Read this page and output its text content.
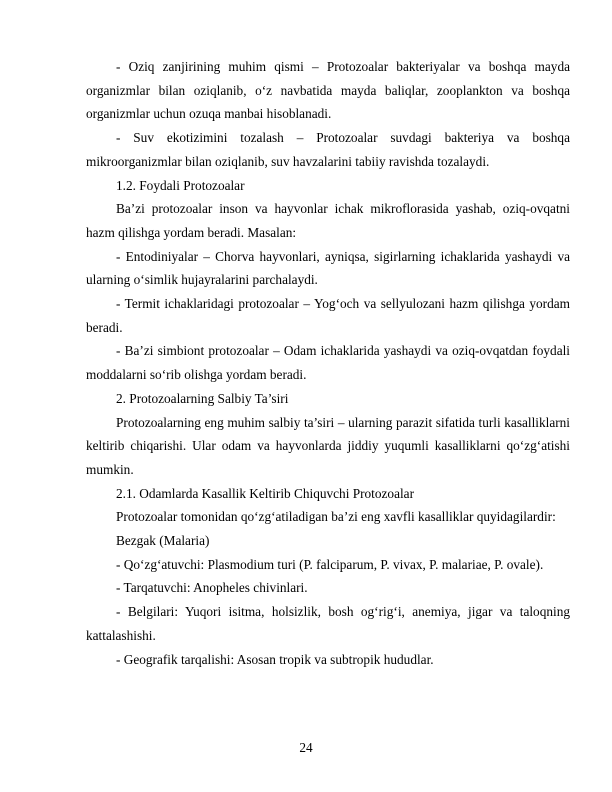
- Oziq zanjirining muhim qismi – Protozoalar bakteriyalar va boshqa mayda organizmlar bilan oziqlanib, o‘z navbatida mayda baliqlar, zooplankton va boshqa organizmlar uchun ozuqa manbai hisoblanadi.

- Suv ekotizimini tozalash – Protozoalar suvdagi bakteriya va boshqa mikroorganizmlar bilan oziqlanib, suv havzalarini tabiiy ravishda tozalaydi.

1.2. Foydali Protozoalar

Ba’zi protozoalar inson va hayvonlar ichak mikroflorasida yashab, oziq-ovqatni hazm qilishga yordam beradi. Masalan:

- Entodiniyalar – Chorva hayvonlari, ayniqsa, sigirlarning ichaklarida yashaydi va ularning o‘simlik hujayralarini parchalaydi.

- Termit ichaklaridagi protozoalar – Yog‘och va sellyulozani hazm qilishga yordam beradi.

- Ba’zi simbiont protozoalar – Odam ichaklarida yashaydi va oziq-ovqatdan foydali moddalarni so‘rib olishga yordam beradi.

2. Protozoalarning Salbiy Ta’siri

Protozoalarning eng muhim salbiy ta’siri – ularning parazit sifatida turli kasalliklarni keltirib chiqarishi. Ular odam va hayvonlarda jiddiy yuqumli kasalliklarni qo‘zg‘atishi mumkin.

2.1. Odamlarda Kasallik Keltirib Chiquvchi Protozoalar

Protozoalar tomonidan qo‘zg‘atiladigan ba’zi eng xavfli kasalliklar quyidagilardir:

Bezgak (Malaria)

- Qo‘zg‘atuvchi: Plasmodium turi (P. falciparum, P. vivax, P. malariae, P. ovale).

- Tarqatuvchi: Anopheles chivinlari.

- Belgilari: Yuqori isitma, holsizlik, bosh og‘rig‘i, anemiya, jigar va taloqning kattalashishi.

- Geografik tarqalishi: Asosan tropik va subtropik hududlar.

24
